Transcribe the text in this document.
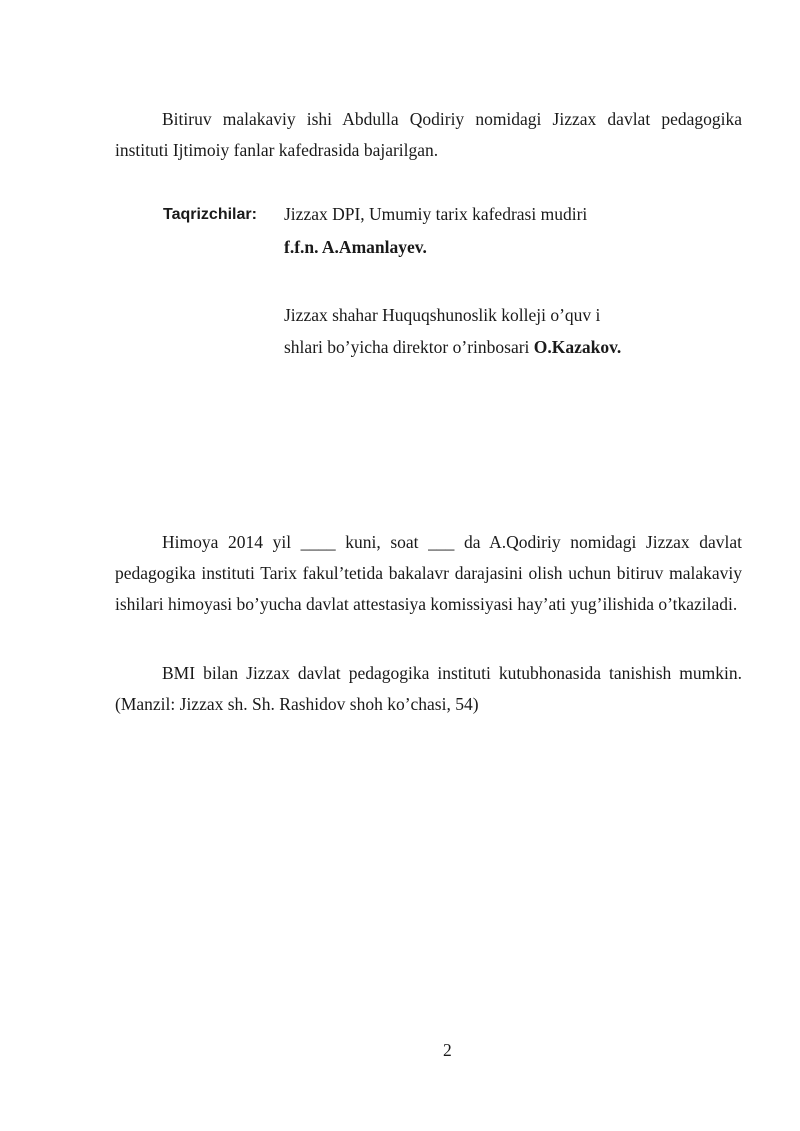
Bitiruv malakaviy ishi Abdulla Qodiriy nomidagi Jizzax davlat pedagogika instituti Ijtimoiy fanlar kafedrasida bajarilgan.

Taqrizchilar: Jizzax DPI, Umumiy tarix kafedrasi mudiri
f.f.n. A.Amanlayev.
Jizzax shahar Huquqshunoslik kolleji o’quv i
shlari bo’yicha direktor o’rinbosari O.Kazakov.

Himoya 2014 yil ____ kuni, soat ___ da A.Qodiriy nomidagi Jizzax davlat pedagogika instituti Tarix fakul’tetida bakalavr darajasini olish uchun bitiruv malakaviy ishilari himoyasi bo’yucha davlat attestasiya komissiyasi hay’ati yug’ilishida o’tkaziladi.

BMI bilan Jizzax davlat pedagogika instituti kutubhonasida tanishish mumkin. (Manzil: Jizzax sh. Sh. Rashidov shoh ko’chasi, 54)

2
